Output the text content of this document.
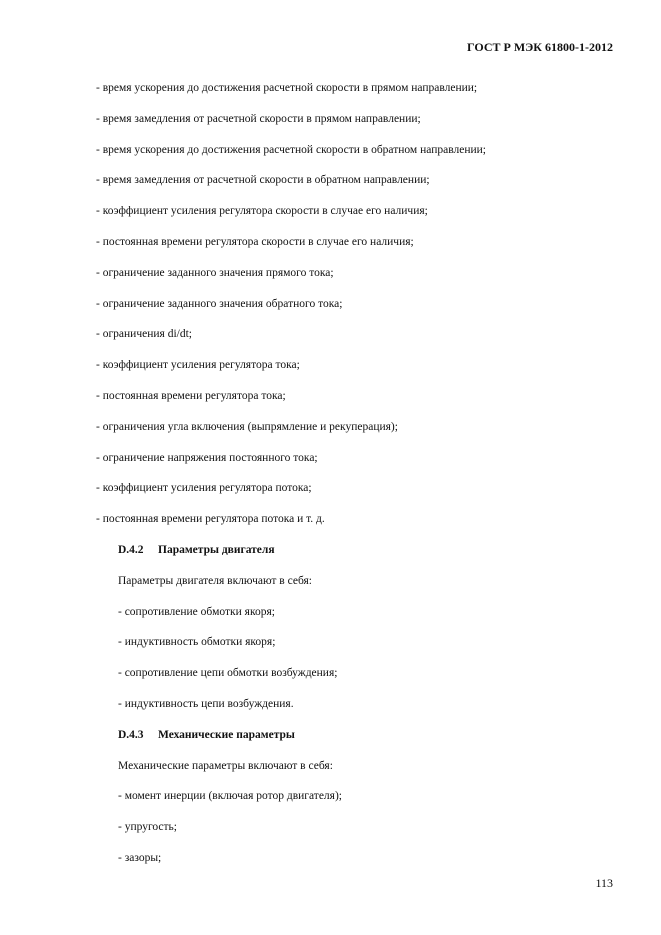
ГОСТ Р МЭК 61800-1-2012
- время ускорения до достижения расчетной скорости в прямом направлении;
- время замедления от расчетной скорости в прямом направлении;
- время ускорения до достижения расчетной скорости в обратном направлении;
- время замедления от расчетной скорости в обратном направлении;
- коэффициент усиления регулятора скорости в случае его наличия;
- постоянная времени регулятора скорости в случае его наличия;
- ограничение заданного значения прямого тока;
- ограничение заданного значения обратного тока;
- ограничения di/dt;
- коэффициент усиления регулятора тока;
- постоянная времени регулятора тока;
- ограничения угла включения (выпрямление и рекуперация);
- ограничение напряжения постоянного тока;
- коэффициент усиления регулятора потока;
- постоянная времени регулятора потока и т. д.
D.4.2 Параметры двигателя
Параметры двигателя включают в себя:
- сопротивление обмотки якоря;
- индуктивность обмотки якоря;
- сопротивление цепи обмотки возбуждения;
- индуктивность цепи возбуждения.
D.4.3 Механические параметры
Механические параметры включают в себя:
- момент инерции (включая ротор двигателя);
- упругость;
- зазоры;
113
